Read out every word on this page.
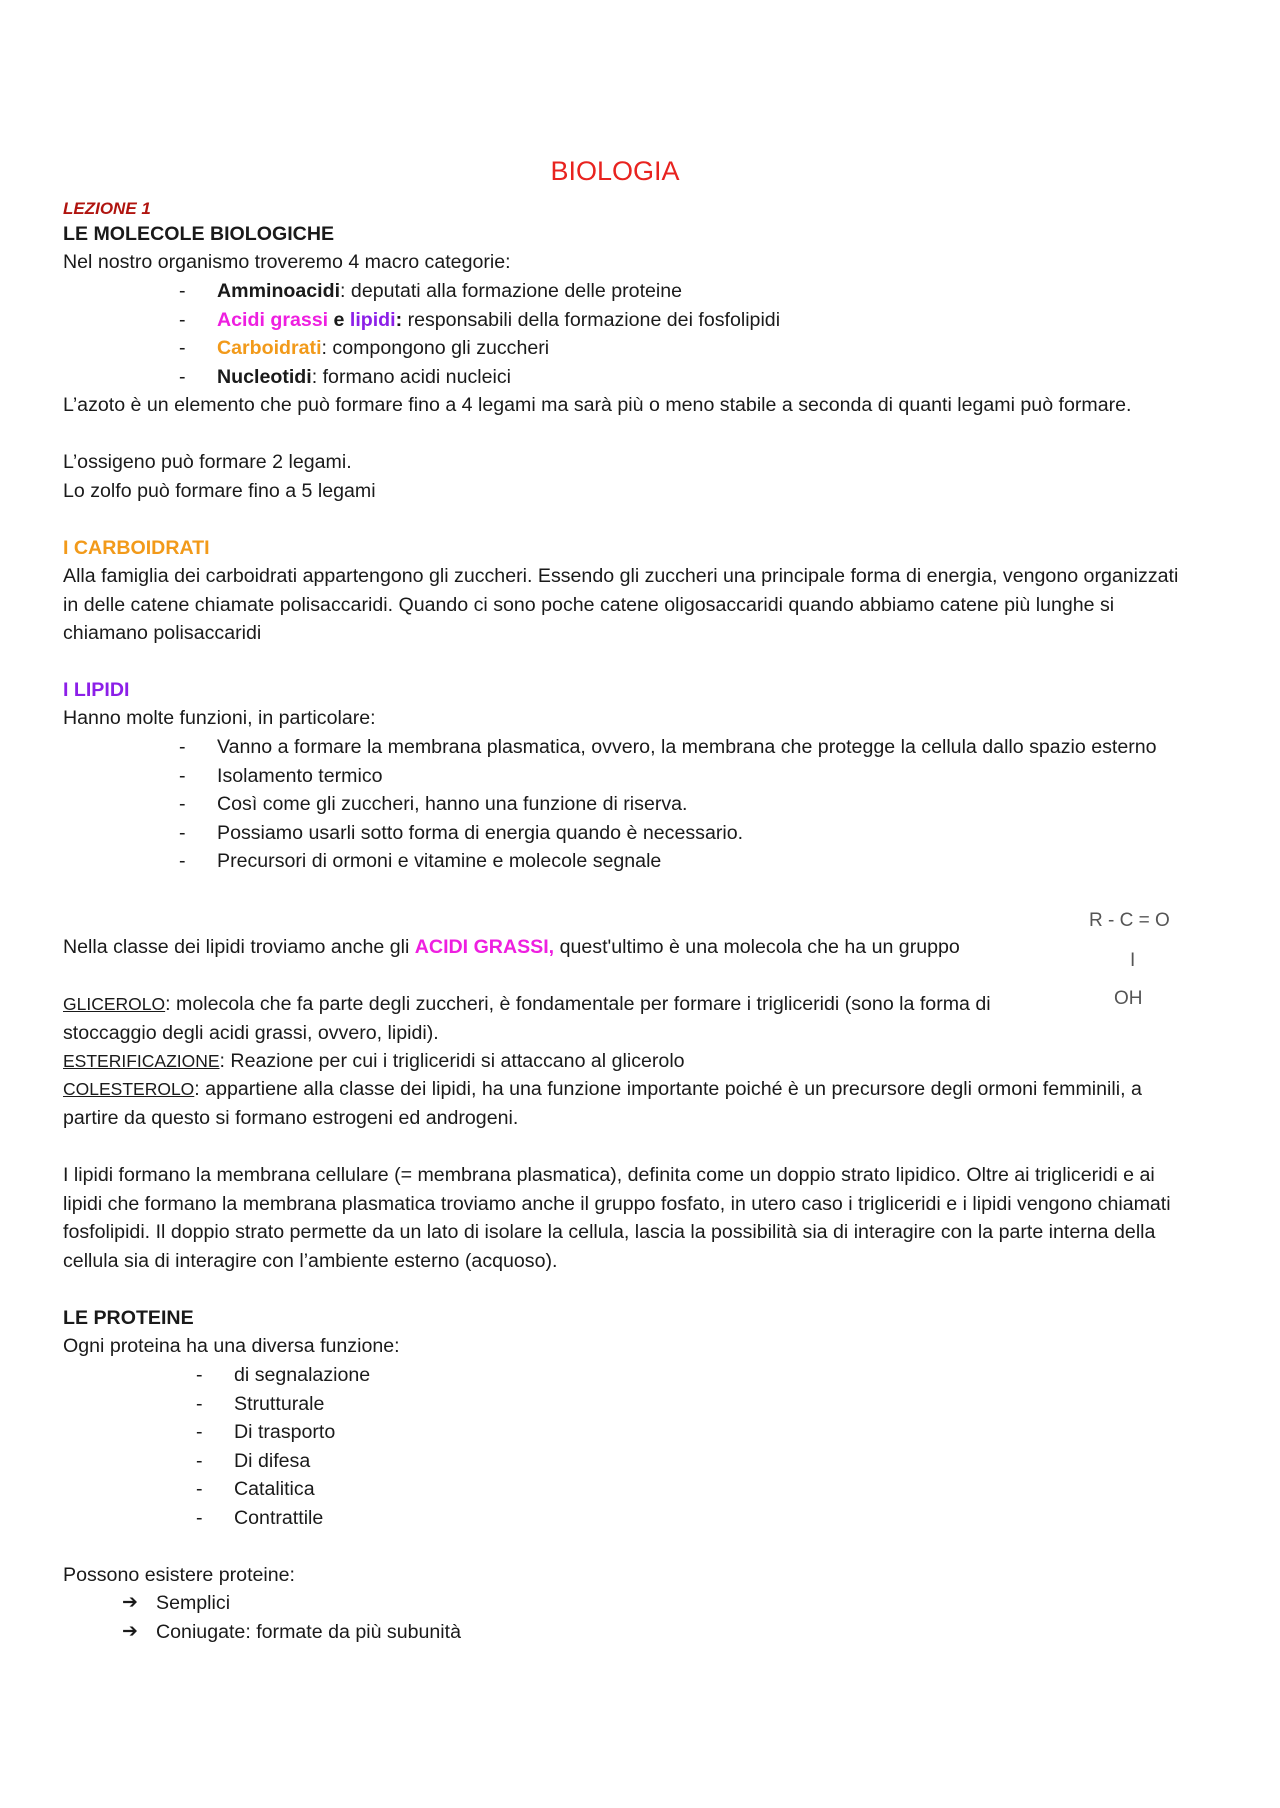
BIOLOGIA
LEZIONE 1
LE MOLECOLE BIOLOGICHE
Nel nostro organismo troveremo 4 macro categorie:
- Amminoacidi: deputati alla formazione delle proteine
- Acidi grassi e lipidi: responsabili della formazione dei fosfolipidi
- Carboidrati: compongono gli zuccheri
- Nucleotidi: formano acidi nucleici
L’azoto è un elemento che può formare fino a 4 legami ma sarà più o meno stabile a seconda di quanti legami può formare.
L’ossigeno può formare 2 legami.
Lo zolfo può formare fino a 5 legami
I CARBOIDRATI
Alla famiglia dei carboidrati appartengono gli zuccheri. Essendo gli zuccheri una principale forma di energia, vengono organizzati in delle catene chiamate polisaccaridi. Quando ci sono poche catene oligosaccaridi quando abbiamo catene più lunghe si chiamano polisaccaridi
I LIPIDI
Hanno molte funzioni, in particolare:
- Vanno a formare la membrana plasmatica, ovvero, la membrana che protegge la cellula dallo spazio esterno
- Isolamento termico
- Così come gli zuccheri, hanno una funzione di riserva.
- Possiamo usarli sotto forma di energia quando è necessario.
- Precursori di ormoni e vitamine e molecole segnale
Nella classe dei lipidi troviamo anche gli ACIDI GRASSI, quest'ultimo è una molecola che ha un gruppo
GLICEROLO: molecola che fa parte degli zuccheri, è fondamentale per formare i trigliceridi (sono la forma di stoccaggio degli acidi grassi, ovvero, lipidi).
ESTERIFICAZIONE: Reazione per cui i trigliceridi si attaccano al glicerolo
COLESTEROLO: appartiene alla classe dei lipidi, ha una funzione importante poiché è un precursore degli ormoni femminili, a partire da questo si formano estrogeni ed androgeni.
I lipidi formano la membrana cellulare (= membrana plasmatica), definita come un doppio strato lipidico. Oltre ai trigliceridi e ai lipidi che formano la membrana plasmatica troviamo anche il gruppo fosfato, in utero caso i trigliceridi e i lipidi vengono chiamati fosfolipidi. Il doppio strato permette da un lato di isolare la cellula, lascia la possibilità sia di interagire con la parte interna della cellula sia di interagire con l’ambiente esterno (acquoso).
LE PROTEINE
Ogni proteina ha una diversa funzione:
- di segnalazione
- Strutturale
- Di trasporto
- Di difesa
- Catalitica
- Contrattile
Possono esistere proteine:
➔ Semplici
➔ Coniugate: formate da più subunità
R - C = O
I
OH
